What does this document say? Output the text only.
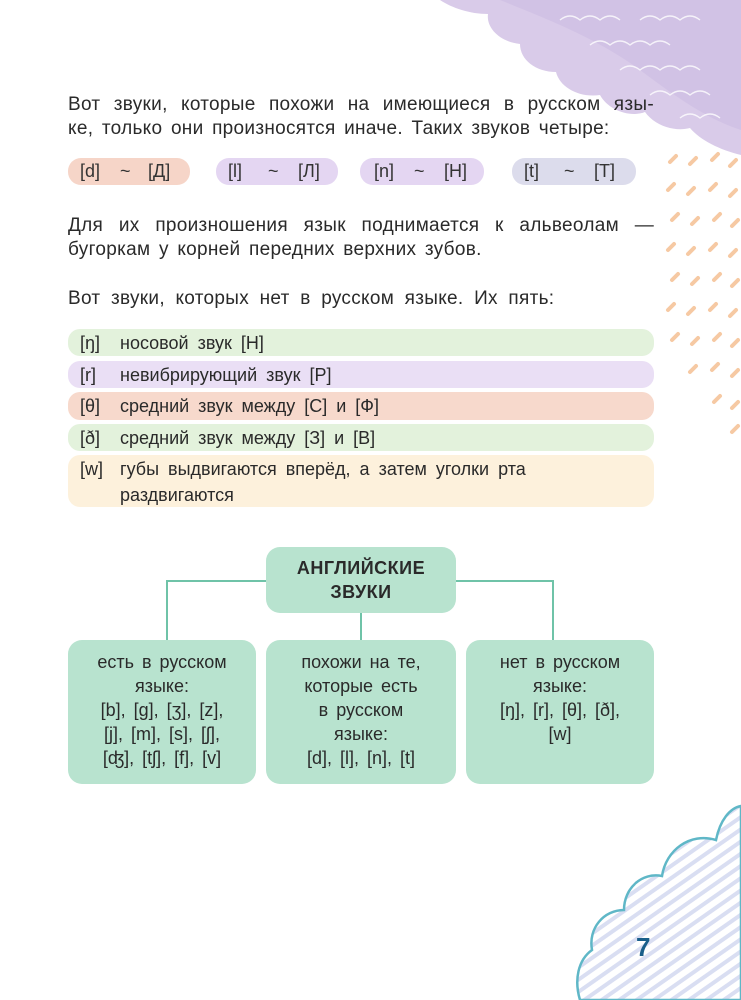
Вот звуки, которые похожи на имеющиеся в русском язы-
ке, только они произносятся иначе. Таких звуков четыре:
[d] ~ [Д]	[l] ~ [Л]	[n] ~ [Н]	[t] ~ [Т]
Для их произношения язык поднимается к альвеолам —
бугоркам у корней передних верхних зубов.
Вот звуки, которых нет в русском языке. Их пять:
[ŋ] носовой звук [Н]
[r] невибрирующий звук [Р]
[θ] средний звук между [С] и [Ф]
[ð] средний звук между [З] и [В]
[w] губы выдвигаются вперёд, а затем уголки рта
раздвигаются
АНГЛИЙСКИЕ
ЗВУКИ
есть в русском
языке:
[b], [g], [ʒ], [z],
[j], [m], [s], [ʃ],
[ʤ], [tʃ], [f], [v]
похожи на те,
которые есть
в русском
языке:
[d], [l], [n], [t]
нет в русском
языке:
[ŋ], [r], [θ], [ð],
[w]
7
